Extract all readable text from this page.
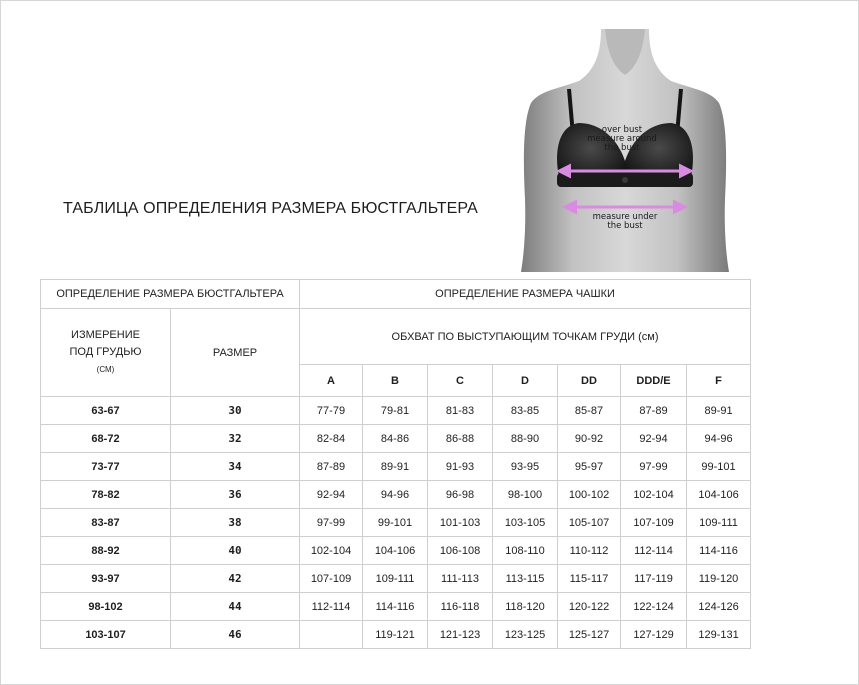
ТАБЛИЦА ОПРЕДЕЛЕНИЯ РАЗМЕРА БЮСТГАЛЬТЕРА
over bust
measure around
the bust
measure under
the bust
ОПРЕДЕЛЕНИЕ РАЗМЕРА БЮСТГАЛЬТЕРА		ОПРЕДЕЛЕНИЕ РАЗМЕРА ЧАШКИ						
ИЗМЕРЕНИЕ
ПОД ГРУДЬЮ
(СМ)	РАЗМЕР	ОБХВАТ ПО ВЫСТУПАЮЩИМ ТОЧКАМ ГРУДИ (см)						
		A	B	C	D	DD	DDD/E	F
63-67	30	77-79	79-81	81-83	83-85	85-87	87-89	89-91
68-72	32	82-84	84-86	86-88	88-90	90-92	92-94	94-96
73-77	34	87-89	89-91	91-93	93-95	95-97	97-99	99-101
78-82	36	92-94	94-96	96-98	98-100	100-102	102-104	104-106
83-87	38	97-99	99-101	101-103	103-105	105-107	107-109	109-111
88-92	40	102-104	104-106	106-108	108-110	110-112	112-114	114-116
93-97	42	107-109	109-111	111-113	113-115	115-117	117-119	119-120
98-102	44	112-114	114-116	116-118	118-120	120-122	122-124	124-126
103-107	46		119-121	121-123	123-125	125-127	127-129	129-131
